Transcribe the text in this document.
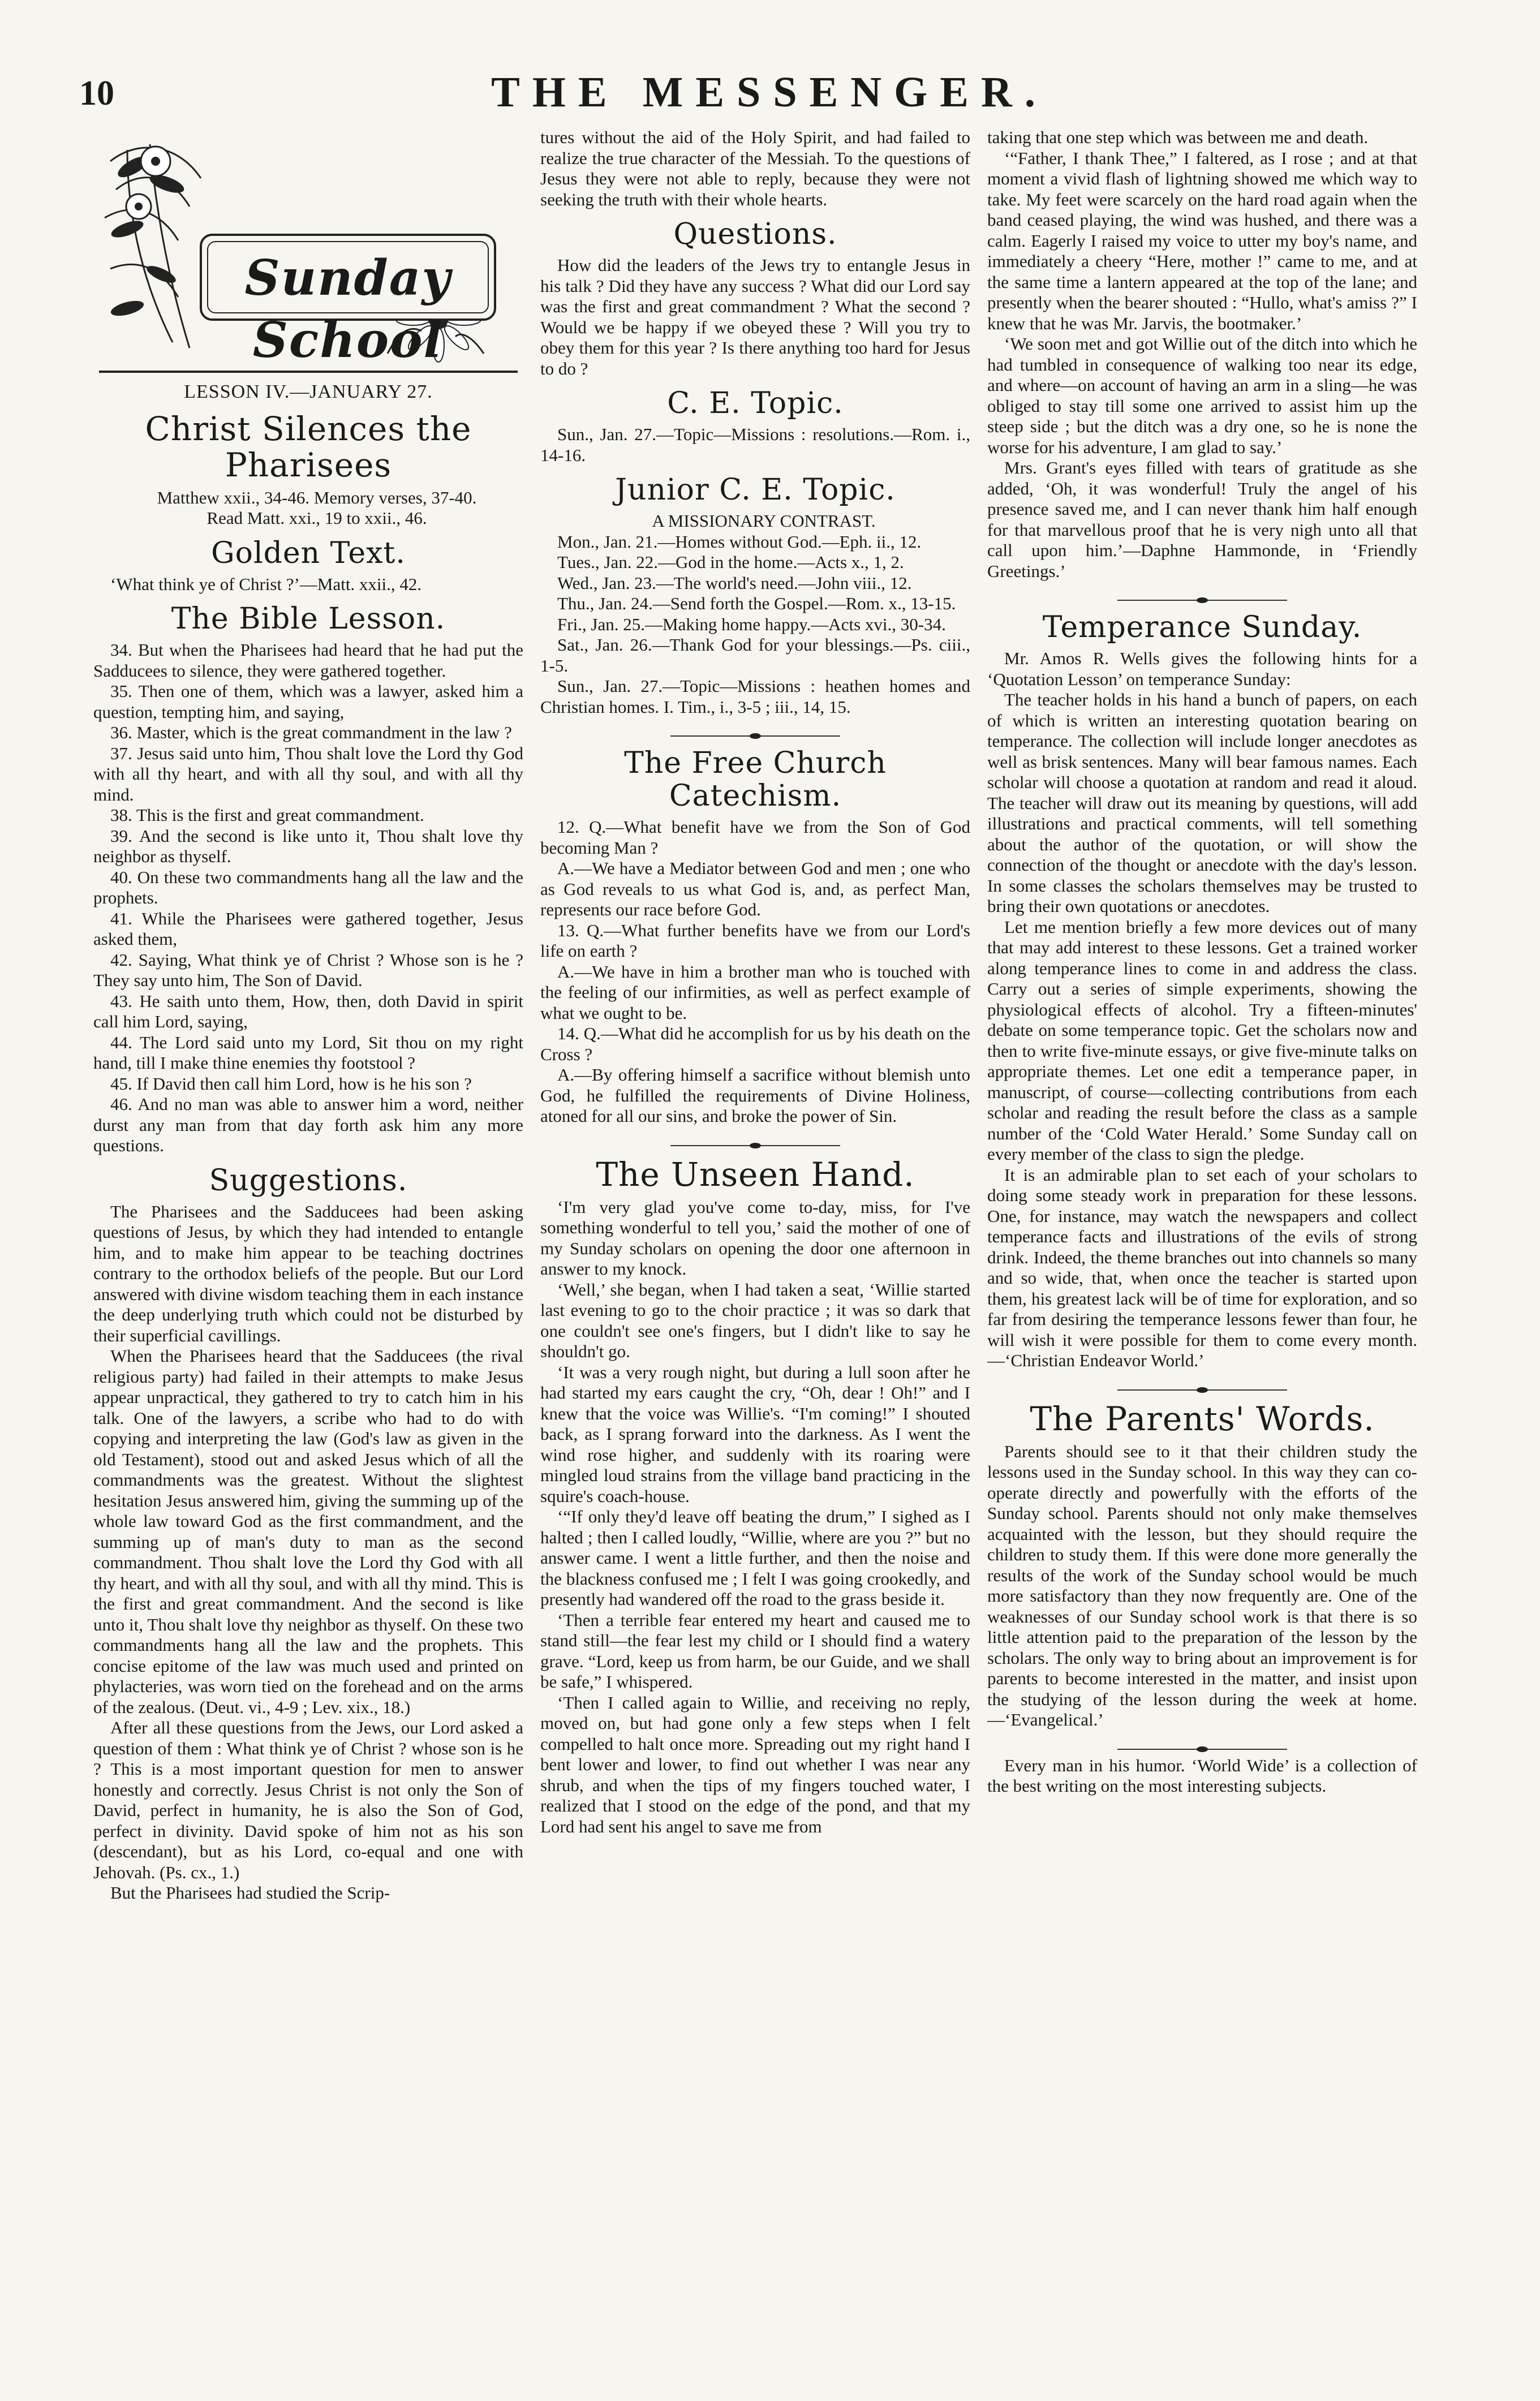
10	THE MESSENGER.
Sunday School
LESSON IV.—JANUARY 27.
Christ Silences the Pharisees

Matthew xxii., 34-46. Memory verses, 37-40.

Read Matt. xxi., 19 to xxii., 46.

Golden Text.

‘What think ye of Christ ?’—Matt. xxii., 42.

The Bible Lesson.

34. But when the Pharisees had heard that he had put the Sadducees to silence, they were gathered together.

35. Then one of them, which was a lawyer, asked him a question, tempting him, and saying,

36. Master, which is the great commandment in the law ?

37. Jesus said unto him, Thou shalt love the Lord thy God with all thy heart, and with all thy soul, and with all thy mind.

38. This is the first and great commandment.

39. And the second is like unto it, Thou shalt love thy neighbor as thyself.

40. On these two commandments hang all the law and the prophets.

41. While the Pharisees were gathered together, Jesus asked them,

42. Saying, What think ye of Christ ? Whose son is he ? They say unto him, The Son of David.

43. He saith unto them, How, then, doth David in spirit call him Lord, saying,

44. The Lord said unto my Lord, Sit thou on my right hand, till I make thine enemies thy footstool ?

45. If David then call him Lord, how is he his son ?

46. And no man was able to answer him a word, neither durst any man from that day forth ask him any more questions.

Suggestions.

The Pharisees and the Sadducees had been asking questions of Jesus, by which they had intended to entangle him, and to make him appear to be teaching doctrines contrary to the orthodox beliefs of the people. But our Lord answered with divine wisdom teaching them in each instance the deep underlying truth which could not be disturbed by their superficial cavillings.

When the Pharisees heard that the Sadducees (the rival religious party) had failed in their attempts to make Jesus appear unpractical, they gathered to try to catch him in his talk. One of the lawyers, a scribe who had to do with copying and interpreting the law (God's law as given in the old Testament), stood out and asked Jesus which of all the commandments was the greatest. Without the slightest hesitation Jesus answered him, giving the summing up of the whole law toward God as the first commandment, and the summing up of man's duty to man as the second commandment. Thou shalt love the Lord thy God with all thy heart, and with all thy soul, and with all thy mind. This is the first and great commandment. And the second is like unto it, Thou shalt love thy neighbor as thyself. On these two commandments hang all the law and the prophets. This concise epitome of the law was much used and printed on phylacteries, was worn tied on the forehead and on the arms of the zealous. (Deut. vi., 4-9 ; Lev. xix., 18.)

After all these questions from the Jews, our Lord asked a question of them : What think ye of Christ ? whose son is he ? This is a most important question for men to answer honestly and correctly. Jesus Christ is not only the Son of David, perfect in humanity, he is also the Son of God, perfect in divinity. David spoke of him not as his son (descendant), but as his Lord, co-equal and one with Jehovah. (Ps. cx., 1.)

But the Pharisees had studied the Scrip-

tures without the aid of the Holy Spirit, and had failed to realize the true character of the Messiah. To the questions of Jesus they were not able to reply, because they were not seeking the truth with their whole hearts.

Questions.

How did the leaders of the Jews try to entangle Jesus in his talk ? Did they have any success ? What did our Lord say was the first and great commandment ? What the second ? Would we be happy if we obeyed these ? Will you try to obey them for this year ? Is there anything too hard for Jesus to do ?

C. E. Topic.

Sun., Jan. 27.—Topic—Missions : resolutions.—Rom. i., 14-16.

Junior C. E. Topic.

A MISSIONARY CONTRAST.

Mon., Jan. 21.—Homes without God.—Eph. ii., 12.

Tues., Jan. 22.—God in the home.—Acts x., 1, 2.

Wed., Jan. 23.—The world's need.—John viii., 12.

Thu., Jan. 24.—Send forth the Gospel.—Rom. x., 13-15.

Fri., Jan. 25.—Making home happy.—Acts xvi., 30-34.

Sat., Jan. 26.—Thank God for your blessings.—Ps. ciii., 1-5.

Sun., Jan. 27.—Topic—Missions : heathen homes and Christian homes. I. Tim., i., 3-5 ; iii., 14, 15.

The Free Church Catechism.

12. Q.—What benefit have we from the Son of God becoming Man ?

A.—We have a Mediator between God and men ; one who as God reveals to us what God is, and, as perfect Man, represents our race before God.

13. Q.—What further benefits have we from our Lord's life on earth ?

A.—We have in him a brother man who is touched with the feeling of our infirmities, as well as perfect example of what we ought to be.

14. Q.—What did he accomplish for us by his death on the Cross ?

A.—By offering himself a sacrifice without blemish unto God, he fulfilled the requirements of Divine Holiness, atoned for all our sins, and broke the power of Sin.

The Unseen Hand.

‘I'm very glad you've come to-day, miss, for I've something wonderful to tell you,’ said the mother of one of my Sunday scholars on opening the door one afternoon in answer to my knock.

‘Well,’ she began, when I had taken a seat, ‘Willie started last evening to go to the choir practice ; it was so dark that one couldn't see one's fingers, but I didn't like to say he shouldn't go.

‘It was a very rough night, but during a lull soon after he had started my ears caught the cry, “Oh, dear ! Oh!” and I knew that the voice was Willie's. “I'm coming!” I shouted back, as I sprang forward into the darkness. As I went the wind rose higher, and suddenly with its roaring were mingled loud strains from the village band practicing in the squire's coach-house.

‘“If only they'd leave off beating the drum,” I sighed as I halted ; then I called loudly, “Willie, where are you ?” but no answer came. I went a little further, and then the noise and the blackness confused me ; I felt I was going crookedly, and presently had wandered off the road to the grass beside it.

‘Then a terrible fear entered my heart and caused me to stand still—the fear lest my child or I should find a watery grave. “Lord, keep us from harm, be our Guide, and we shall be safe,” I whispered.

‘Then I called again to Willie, and receiving no reply, moved on, but had gone only a few steps when I felt compelled to halt once more. Spreading out my right hand I bent lower and lower, to find out whether I was near any shrub, and when the tips of my fingers touched water, I realized that I stood on the edge of the pond, and that my Lord had sent his angel to save me from

taking that one step which was between me and death.

‘“Father, I thank Thee,” I faltered, as I rose ; and at that moment a vivid flash of lightning showed me which way to take. My feet were scarcely on the hard road again when the band ceased playing, the wind was hushed, and there was a calm. Eagerly I raised my voice to utter my boy's name, and immediately a cheery “Here, mother !” came to me, and at the same time a lantern appeared at the top of the lane; and presently when the bearer shouted : “Hullo, what's amiss ?” I knew that he was Mr. Jarvis, the bootmaker.’

‘We soon met and got Willie out of the ditch into which he had tumbled in consequence of walking too near its edge, and where—on account of having an arm in a sling—he was obliged to stay till some one arrived to assist him up the steep side ; but the ditch was a dry one, so he is none the worse for his adventure, I am glad to say.’

Mrs. Grant's eyes filled with tears of gratitude as she added, ‘Oh, it was wonderful! Truly the angel of his presence saved me, and I can never thank him half enough for that marvellous proof that he is very nigh unto all that call upon him.’—Daphne Hammonde, in ‘Friendly Greetings.’

Temperance Sunday.

Mr. Amos R. Wells gives the following hints for a ‘Quotation Lesson’ on temperance Sunday:

The teacher holds in his hand a bunch of papers, on each of which is written an interesting quotation bearing on temperance. The collection will include longer anecdotes as well as brisk sentences. Many will bear famous names. Each scholar will choose a quotation at random and read it aloud. The teacher will draw out its meaning by questions, will add illustrations and practical comments, will tell something about the author of the quotation, or will show the connection of the thought or anecdote with the day's lesson. In some classes the scholars themselves may be trusted to bring their own quotations or anecdotes.

Let me mention briefly a few more devices out of many that may add interest to these lessons. Get a trained worker along temperance lines to come in and address the class. Carry out a series of simple experiments, showing the physiological effects of alcohol. Try a fifteen-minutes' debate on some temperance topic. Get the scholars now and then to write five-minute essays, or give five-minute talks on appropriate themes. Let one edit a temperance paper, in manuscript, of course—collecting contributions from each scholar and reading the result before the class as a sample number of the ‘Cold Water Herald.’ Some Sunday call on every member of the class to sign the pledge.

It is an admirable plan to set each of your scholars to doing some steady work in preparation for these lessons. One, for instance, may watch the newspapers and collect temperance facts and illustrations of the evils of strong drink. Indeed, the theme branches out into channels so many and so wide, that, when once the teacher is started upon them, his greatest lack will be of time for exploration, and so far from desiring the temperance lessons fewer than four, he will wish it were possible for them to come every month.—‘Christian Endeavor World.’

The Parents' Words.

Parents should see to it that their children study the lessons used in the Sunday school. In this way they can co-operate directly and powerfully with the efforts of the Sunday school. Parents should not only make themselves acquainted with the lesson, but they should require the children to study them. If this were done more generally the results of the work of the Sunday school would be much more satisfactory than they now frequently are. One of the weaknesses of our Sunday school work is that there is so little attention paid to the preparation of the lesson by the scholars. The only way to bring about an improvement is for parents to become interested in the matter, and insist upon the studying of the lesson during the week at home.—‘Evangelical.’

Every man in his humor. ‘World Wide’ is a collection of the best writing on the most interesting subjects.
